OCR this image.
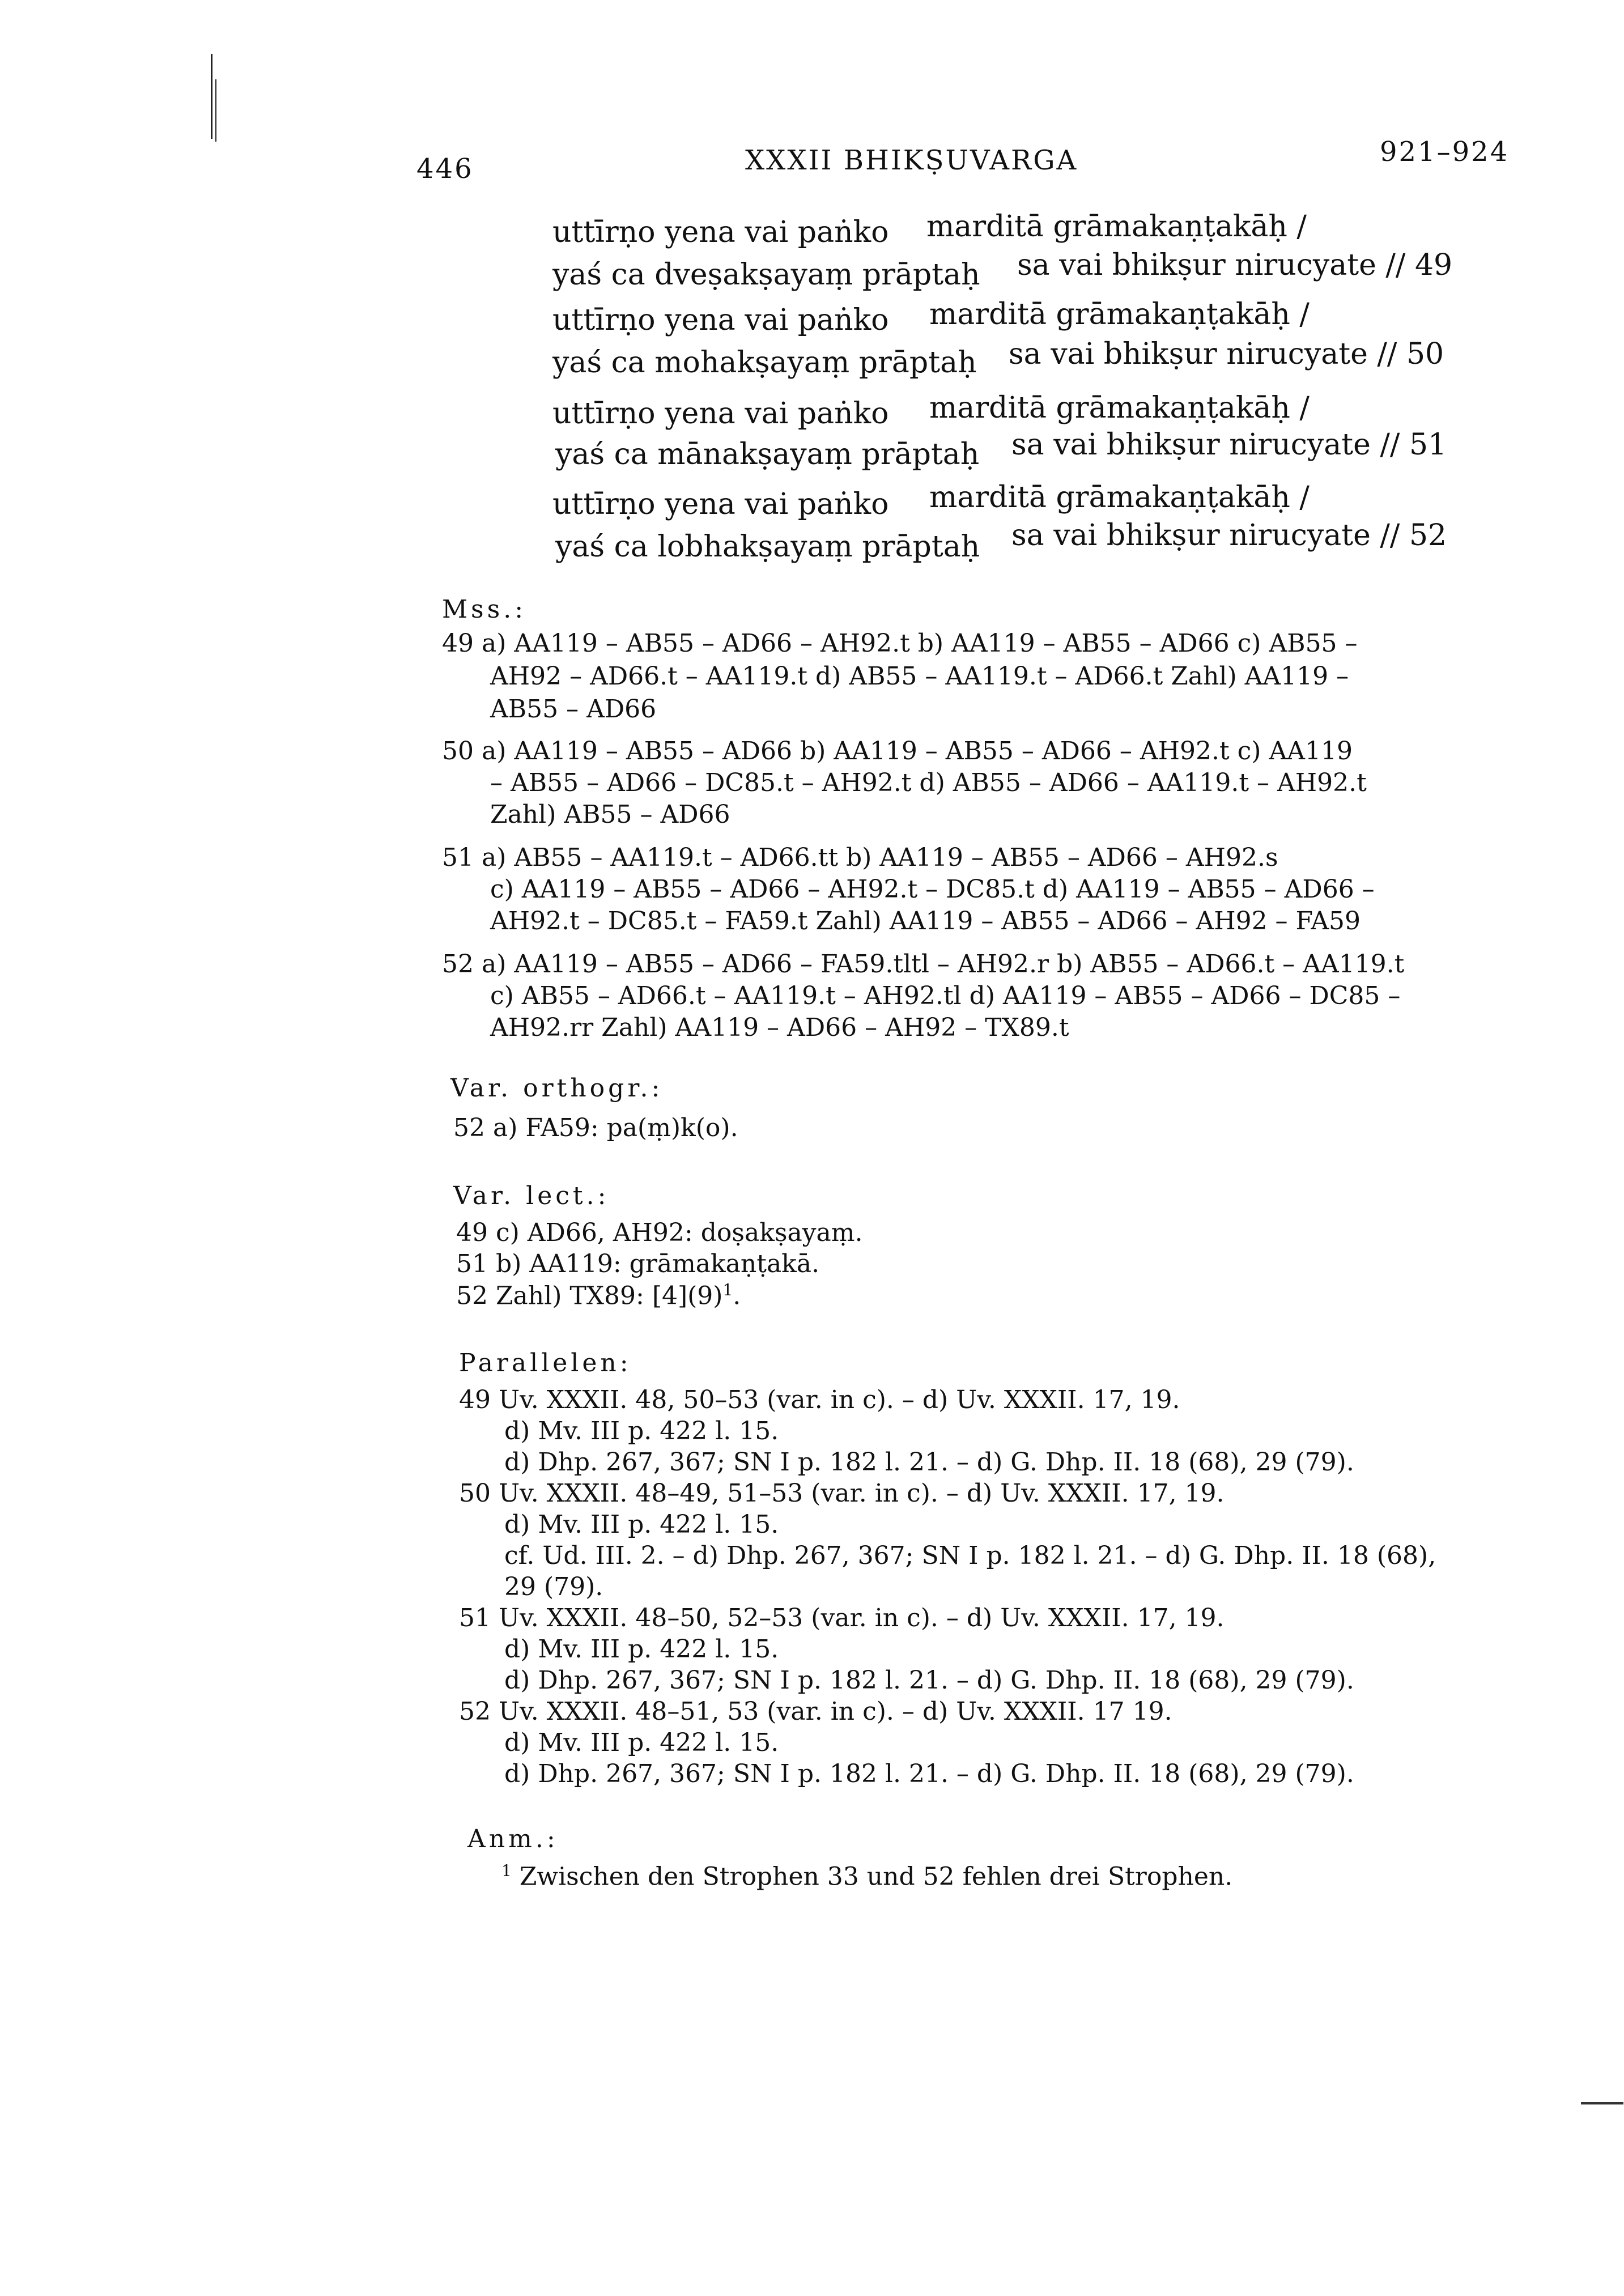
446	XXXII BHIKṢUVARGA	921–924
uttīrṇo yena vai paṅko marditā grāmakaṇṭakāḥ /
yaś ca dveṣakṣayaṃ prāptaḥ sa vai bhikṣur nirucyate // 49
uttīrṇo yena vai paṅko marditā grāmakaṇṭakāḥ /
yaś ca mohakṣayaṃ prāptaḥ sa vai bhikṣur nirucyate // 50
uttīrṇo yena vai paṅko marditā grāmakaṇṭakāḥ /
yaś ca mānakṣayaṃ prāptaḥ sa vai bhikṣur nirucyate // 51
uttīrṇo yena vai paṅko marditā grāmakaṇṭakāḥ /
yaś ca lobhakṣayaṃ prāptaḥ sa vai bhikṣur nirucyate // 52
Mss.:
49 a) AA119 – AB55 – AD66 – AH92.t b) AA119 – AB55 – AD66 c) AB55 –
AH92 – AD66.t – AA119.t d) AB55 – AA119.t – AD66.t Zahl) AA119 –
AB55 – AD66
50 a) AA119 – AB55 – AD66 b) AA119 – AB55 – AD66 – AH92.t c) AA119
– AB55 – AD66 – DC85.t – AH92.t d) AB55 – AD66 – AA119.t – AH92.t
Zahl) AB55 – AD66
51 a) AB55 – AA119.t – AD66.tt b) AA119 – AB55 – AD66 – AH92.s
c) AA119 – AB55 – AD66 – AH92.t – DC85.t d) AA119 – AB55 – AD66 –
AH92.t – DC85.t – FA59.t Zahl) AA119 – AB55 – AD66 – AH92 – FA59
52 a) AA119 – AB55 – AD66 – FA59.tltl – AH92.r b) AB55 – AD66.t – AA119.t
c) AB55 – AD66.t – AA119.t – AH92.tl d) AA119 – AB55 – AD66 – DC85 –
AH92.rr Zahl) AA119 – AD66 – AH92 – TX89.t
Var. orthogr.:
52 a) FA59: pa(ṃ)k(o).
Var. lect.:
49 c) AD66, AH92: doṣakṣayaṃ.
51 b) AA119: grāmakaṇṭakā.
52 Zahl) TX89: [4](9)$^1$.
Parallelen:
49 Uv. XXXII. 48, 50–53 (var. in c). – d) Uv. XXXII. 17, 19.
d) Mv. III p. 422 l. 15.
d) Dhp. 267, 367; SN I p. 182 l. 21. – d) G. Dhp. II. 18 (68), 29 (79).
50 Uv. XXXII. 48–49, 51–53 (var. in c). – d) Uv. XXXII. 17, 19.
d) Mv. III p. 422 l. 15.
cf. Ud. III. 2. – d) Dhp. 267, 367; SN I p. 182 l. 21. – d) G. Dhp. II. 18 (68),
29 (79).
51 Uv. XXXII. 48–50, 52–53 (var. in c). – d) Uv. XXXII. 17, 19.
d) Mv. III p. 422 l. 15.
d) Dhp. 267, 367; SN I p. 182 l. 21. – d) G. Dhp. II. 18 (68), 29 (79).
52 Uv. XXXII. 48–51, 53 (var. in c). – d) Uv. XXXII. 17 19.
d) Mv. III p. 422 l. 15.
d) Dhp. 267, 367; SN I p. 182 l. 21. – d) G. Dhp. II. 18 (68), 29 (79).
Anm.:
$^1$ Zwischen den Strophen 33 und 52 fehlen drei Strophen.
